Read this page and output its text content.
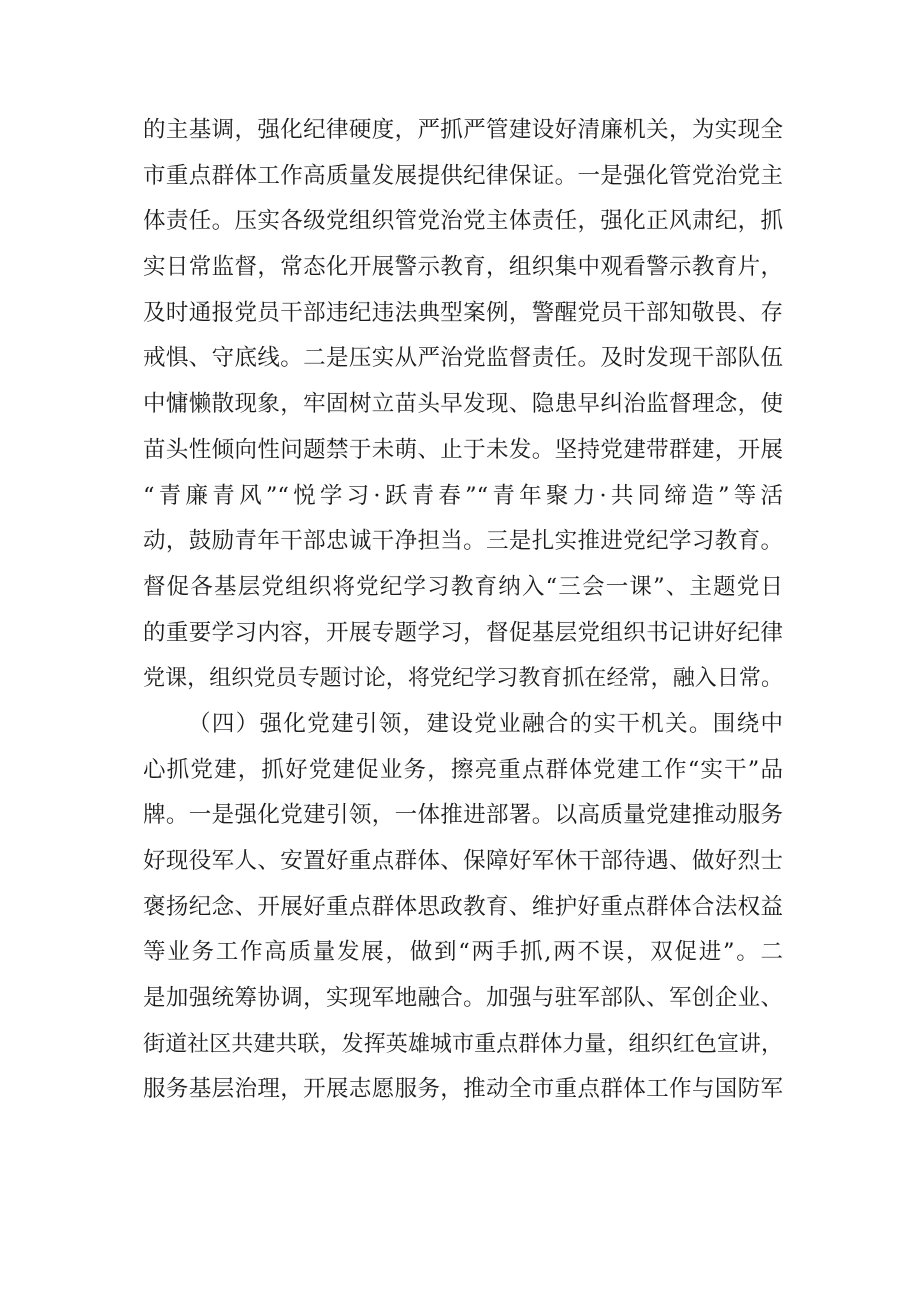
的主基调，强化纪律硬度，严抓严管建设好清廉机关，为实现全
市重点群体工作高质量发展提供纪律保证。一是强化管党治党主
体责任。压实各级党组织管党治党主体责任，强化正风肃纪，抓
实日常监督，常态化开展警示教育，组织集中观看警示教育片，
及时通报党员干部违纪违法典型案例，警醒党员干部知敬畏、存
戒惧、守底线。二是压实从严治党监督责任。及时发现干部队伍
中慵懒散现象，牢固树立苗头早发现、隐患早纠治监督理念，使
苗头性倾向性问题禁于未萌、止于未发。坚持党建带群建，开展
“青廉青风”“悦学习·跃青春”“青年聚力·共同缔造”等活
动，鼓励青年干部忠诚干净担当。三是扎实推进党纪学习教育。
督促各基层党组织将党纪学习教育纳入“三会一课”、主题党日
的重要学习内容，开展专题学习，督促基层党组织书记讲好纪律
党课，组织党员专题讨论，将党纪学习教育抓在经常，融入日常。
（四）强化党建引领，建设党业融合的实干机关。围绕中
心抓党建，抓好党建促业务，擦亮重点群体党建工作“实干”品
牌。一是强化党建引领，一体推进部署。以高质量党建推动服务
好现役军人、安置好重点群体、保障好军休干部待遇、做好烈士
褒扬纪念、开展好重点群体思政教育、维护好重点群体合法权益
等业务工作高质量发展，做到“两手抓,两不误，双促进”。二
是加强统筹协调，实现军地融合。加强与驻军部队、军创企业、
街道社区共建共联，发挥英雄城市重点群体力量，组织红色宣讲，
服务基层治理，开展志愿服务，推动全市重点群体工作与国防军
